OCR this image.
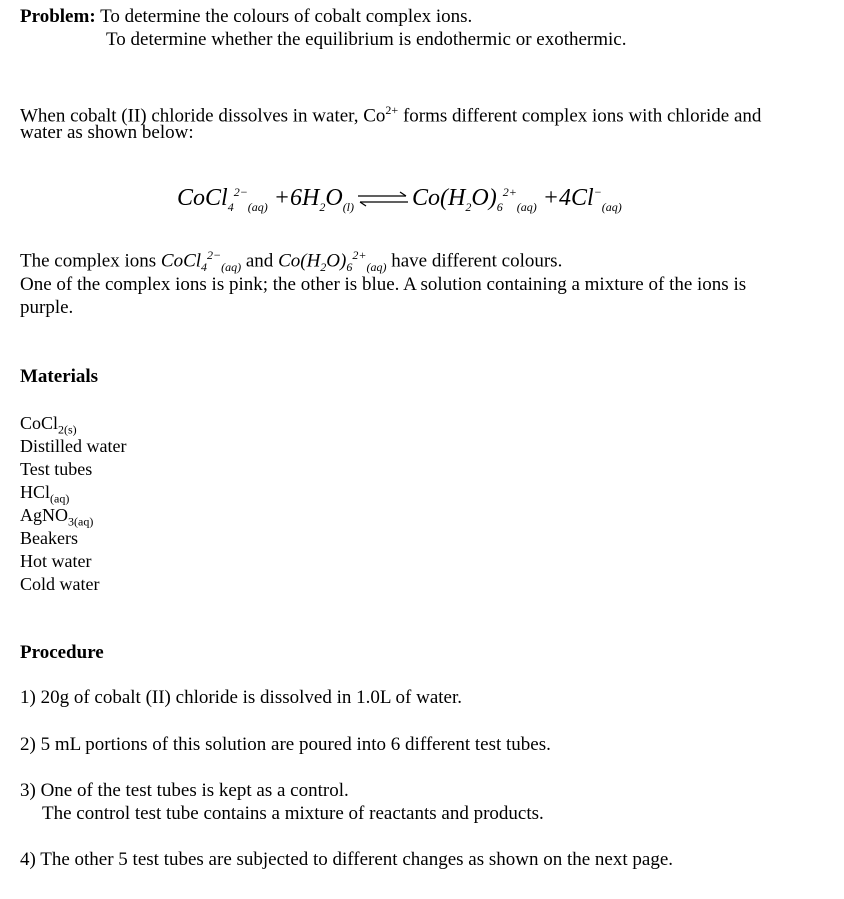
Problem: To determine the colours of cobalt complex ions.
To determine whether the equilibrium is endothermic or exothermic.
When cobalt (II) chloride dissolves in water, $Co^{2+}$ forms different complex ions with chloride and
water as shown below:
CoCl$_4^{2-}_{(aq)}$ $+6H_2O_{(l)}$ ⇌ $Co(H_2O)_6^{2+}_{(aq)} +4Cl^-_{(aq)}$
The complex ions CoCl$_4^{2-}_{(aq)}$ and $Co(H_2O)_6^{2+}_{(aq)}$ have different colours.
One of the complex ions is pink; the other is blue. A solution containing a mixture of the ions is
purple.
Materials
CoCl$_{2(s)}$
Distilled water
Test tubes
HCl$_{(aq)}$
AgNO$_{3(aq)}$
Beakers
Hot water
Cold water
Procedure
1) 20g of cobalt (II) chloride is dissolved in 1.0L of water.
2) 5 mL portions of this solution are poured into 6 different test tubes.
3) One of the test tubes is kept as a control.
The control test tube contains a mixture of reactants and products.
4) The other 5 test tubes are subjected to different changes as shown on the next page.
